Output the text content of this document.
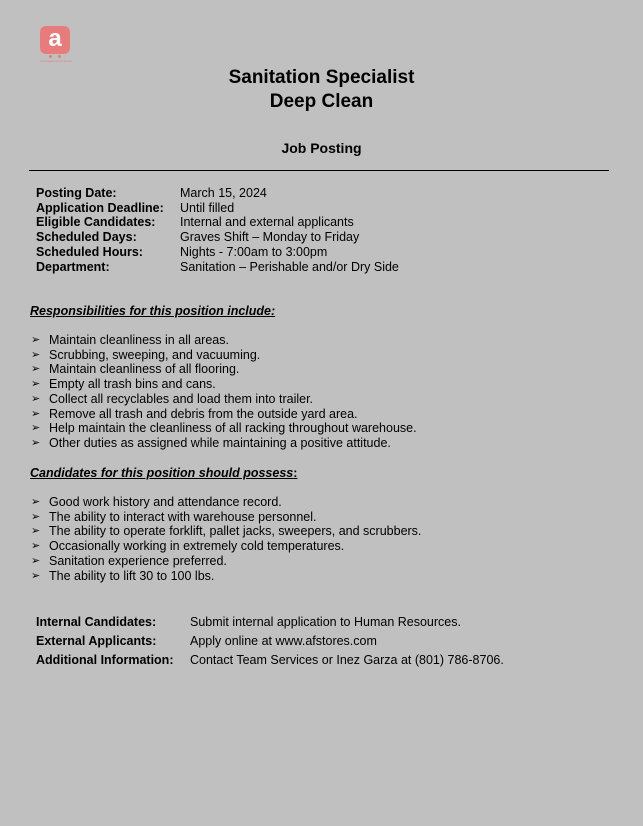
a
Associated Food Stores
Sanitation Specialist
Deep Clean
Job Posting
Posting Date:	March 15, 2024
Application Deadline:	Until filled
Eligible Candidates:	Internal and external applicants
Scheduled Days:	Graves Shift – Monday to Friday
Scheduled Hours:	Nights - 7:00am to 3:00pm
Department:	Sanitation – Perishable and/or Dry Side
Responsibilities for this position include:
➢ Maintain cleanliness in all areas.
➢ Scrubbing, sweeping, and vacuuming.
➢ Maintain cleanliness of all flooring.
➢ Empty all trash bins and cans.
➢ Collect all recyclables and load them into trailer.
➢ Remove all trash and debris from the outside yard area.
➢ Help maintain the cleanliness of all racking throughout warehouse.
➢ Other duties as assigned while maintaining a positive attitude.
Candidates for this position should possess:
➢ Good work history and attendance record.
➢ The ability to interact with warehouse personnel.
➢ The ability to operate forklift, pallet jacks, sweepers, and scrubbers.
➢ Occasionally working in extremely cold temperatures.
➢ Sanitation experience preferred.
➢ The ability to lift 30 to 100 lbs.
Internal Candidates:	Submit internal application to Human Resources.
External Applicants:	Apply online at www.afstores.com
Additional Information:	Contact Team Services or Inez Garza at (801) 786-8706.
